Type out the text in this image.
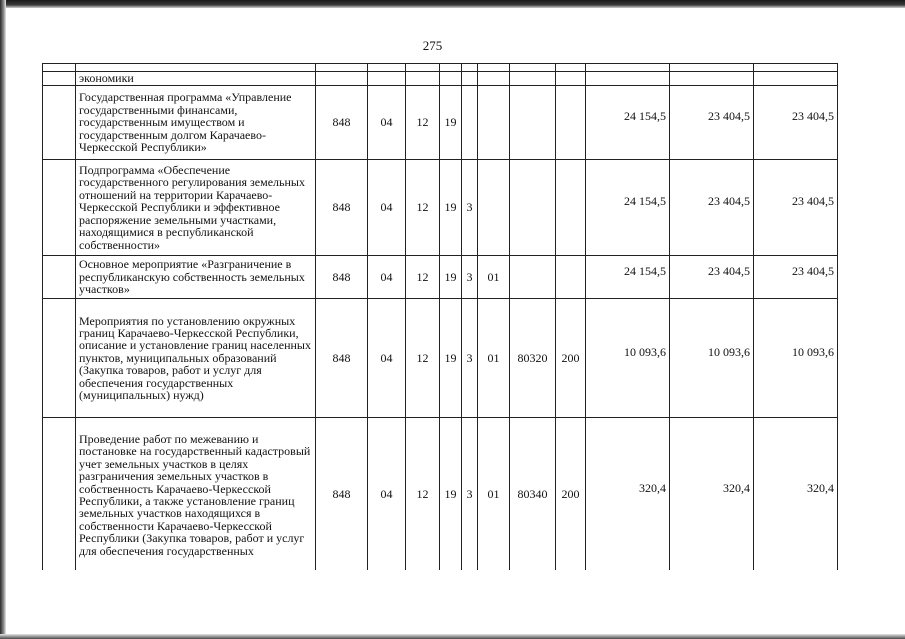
275

	экономики											
	Государственная программа «Управление государственными финансами, государственным имуществом и государственным долгом Карачаево-Черкесской Республики»	848	04	12	19					24 154,5	23 404,5	23 404,5
	Подпрограмма «Обеспечение государственного регулирования земельных отношений на территории Карачаево-Черкесской Республики и эффективное распоряжение земельными участками, находящимися в республиканской собственности»	848	04	12	19	3				24 154,5	23 404,5	23 404,5
	Основное мероприятие «Разграничение в республиканскую собственность земельных участков»	848	04	12	19	3	01			24 154,5	23 404,5	23 404,5
	Мероприятия по установлению окружных границ Карачаево-Черкесской Республики, описание и установление границ населенных пунктов, муниципальных образований (Закупка товаров, работ и услуг для обеспечения государственных (муниципальных) нужд)	848	04	12	19	3	01	80320	200	10 093,6	10 093,6	10 093,6
	Проведение работ по межеванию и постановке на государственный кадастровый учет земельных участков в целях разграничения земельных участков в собственность Карачаево-Черкесской Республики, а также установление границ земельных участков находящихся в собственности Карачаево-Черкесской Республики (Закупка товаров, работ и услуг для обеспечения государственных	848	04	12	19	3	01	80340	200	320,4	320,4	320,4
